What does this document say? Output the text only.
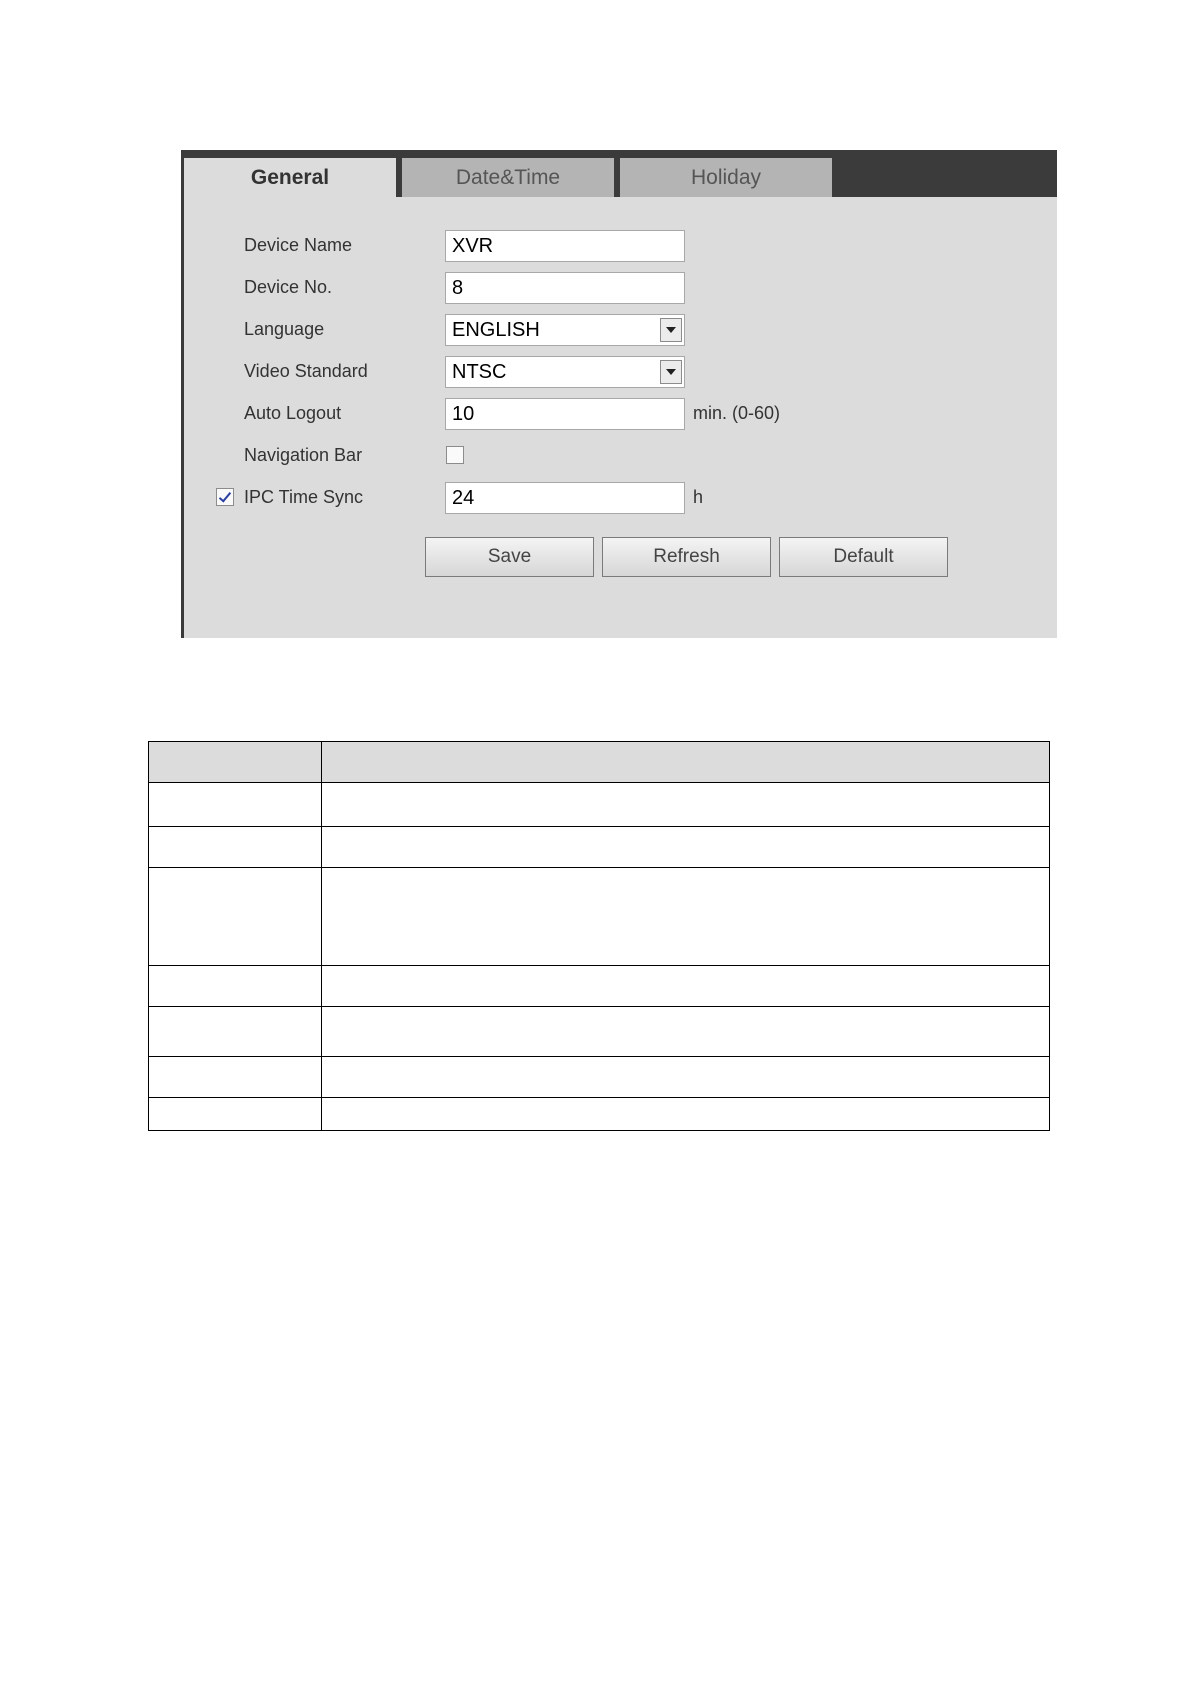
General	Date&Time	Holiday
Device Name	XVR
Device No.	8
Language	ENGLISH
Video Standard	NTSC
Auto Logout	10	min. (0-60)
Navigation Bar
IPC Time Sync	24	h
Save	Refresh	Default
